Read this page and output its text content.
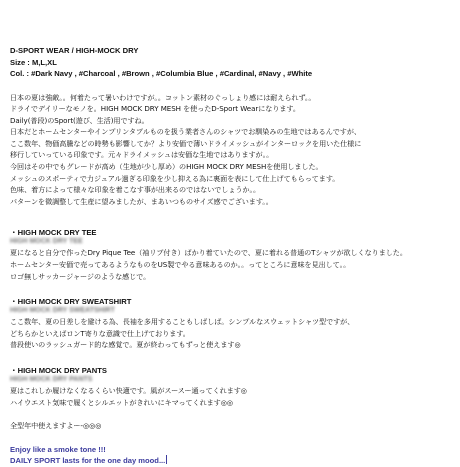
D-SPORT WEAR / HIGH-MOCK DRY
Size : M,L,XL
Col. : #Dark Navy , #Charcoal , #Brown , #Columbia Blue , #Cardinal, #Navy , #White
日本の夏は強敵。。何着たって暑いわけですが。。コットン素材のぐっしょり感には耐えられず。。
ドライでデイリーなモノを。HIGH MOCK DRY MESH を使ったD-Sport Wearになります。
Daily(普段)のSport(遊び、生活)用ですね。
日本だとホームセンターやインプリンタブルものを扱う業者さんのシャツでお馴染みの生地ではあるんですが、
ここ数年、物価高騰などの時勢も影響してか？より安価で薄いドライメッシュがインターロックを用いた仕様に
移行していっている印象です。元々ドライメッシュは安価な生地ではありますが。。
今回はその中でもグレードが高め（生地が少し厚め）のHIGH MOCK DRY MESHを使用しました。
メッシュのスポーティで力ジュアル過ぎる印象を少し抑える為に裏面を表にして仕上げてもらってます。
色味、着方によって様々な印象を着こなす事が出来るのではないでしょうか。。
パターンを微調整して生産に望みましたが、まあいつものサイズ感でございます。。
・HIGH MOCK DRY TEE
HIGH MOCK DRY TEE
夏になると自分で作ったDry Pique Tee（袖リブ付き）ばかり着ていたので、夏に着れる普通のTシャツが欲しくなりました。
ホームセンター安価で売ってあるようなものをUS製でやる意味あるのか。。ってところに意味を見出して。。
ロゴ無しサッカージャージのような感じで。
・HIGH MOCK DRY SWEATSHIRT
HIGH MOCK DRY SWEATSHIRT
ここ数年、夏の日差しを避ける為、長袖を多用することもしばしば。シンプルなスウェットシャツ型ですが、
どちらかといえばロンT寄りな意識で仕上げております。
普段使いのラッシュガード的な感覚で。夏が終わってもずっと使えます◎
・HIGH MOCK DRY PANTS
HIGH MOCK DRY PANTS
夏はこれしか履けなくなるくらい快適です。風がスースー通ってくれます◎
ハイウエスト気味で履くとシルエットがきれいにキマってくれます◎◎
全型年中使えますよー-◎◎◎
Enjoy like a smoke tone !!!
DAILY SPORT lasts for the one day mood...
